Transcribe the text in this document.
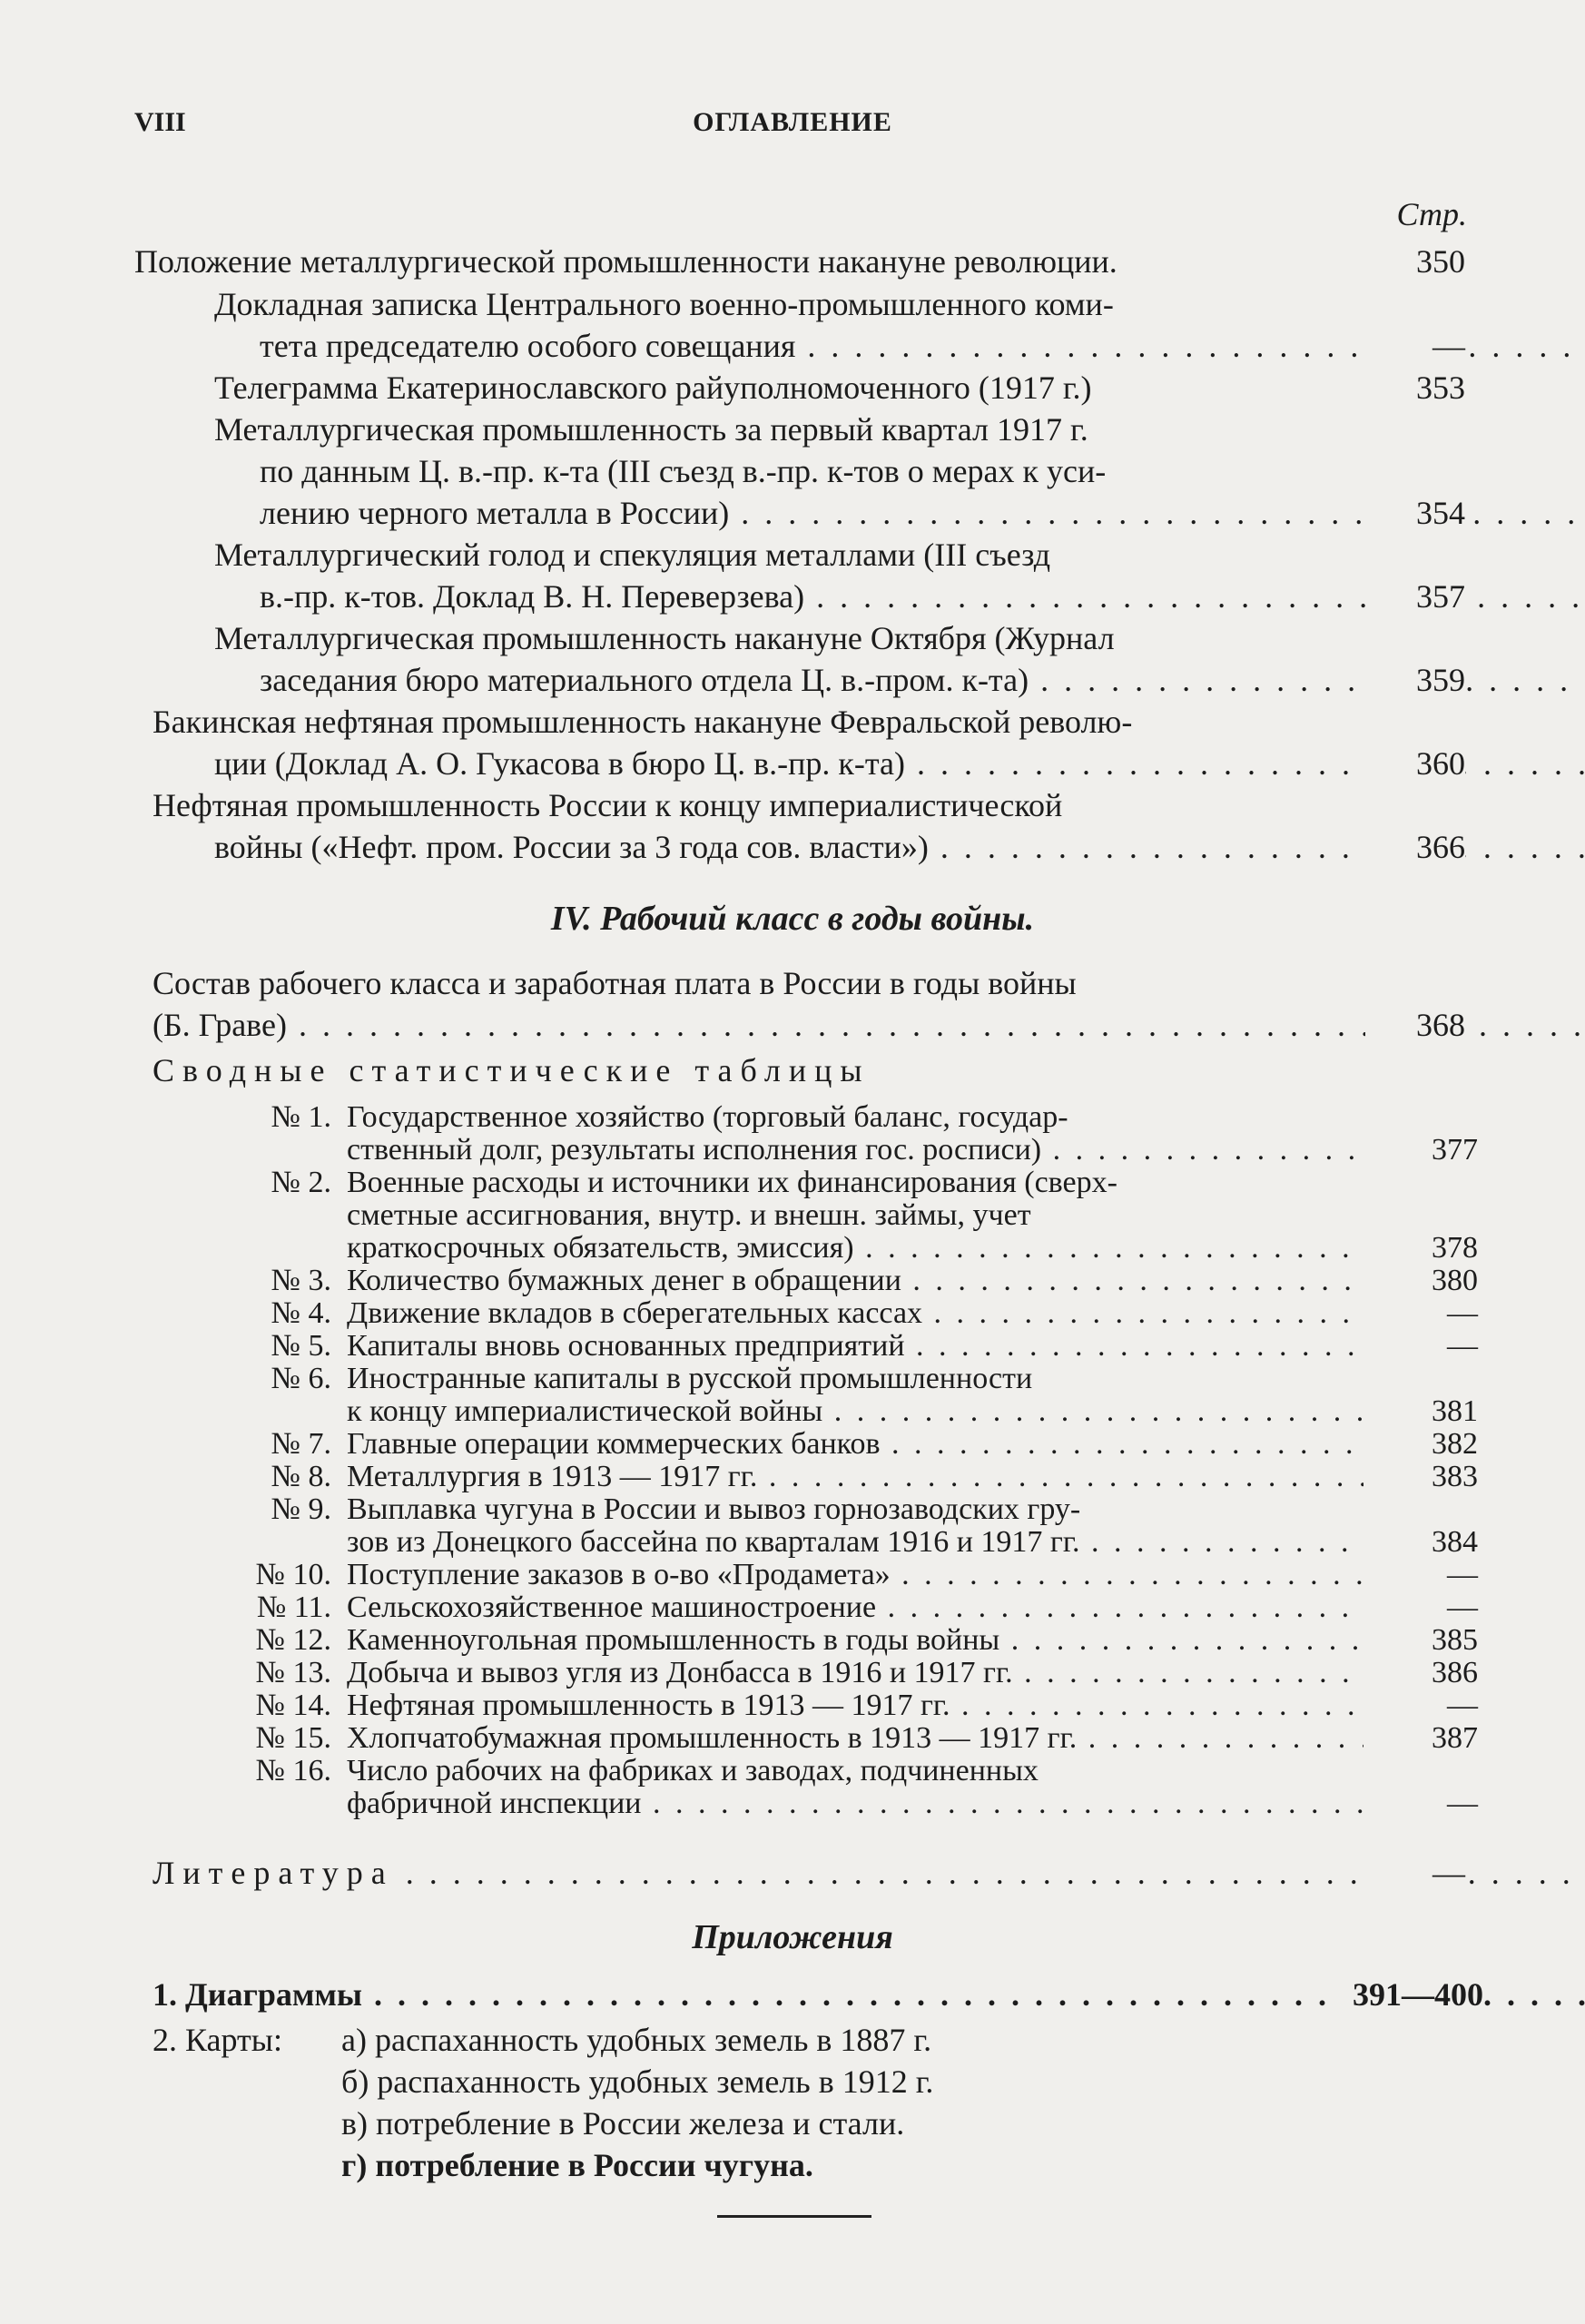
VIII	ОГЛАВЛЕНИЕ
Стр.
Положение металлургической промышленности накануне революции.	350
Докладная записка Центрального военно-промышленного коми-
тета председателю особого совещания . . .	—
Телеграмма Екатеринославского райуполномоченного (1917 г.)	353
Металлургическая промышленность за первый квартал 1917 г.
по данным Ц. в.-пр. к-та (III съезд в.-пр. к-тов о мерах к уси-
лению черного металла в России) . . .	354
Металлургический голод и спекуляция металлами (III съезд
в.-пр. к-тов. Доклад В. Н. Переверзева) . . .	357
Металлургическая промышленность накануне Октября (Журнал
заседания бюро материального отдела Ц. в.-пром. к-та) . . .	359
Бакинская нефтяная промышленность накануне Февральской револю-
ции (Доклад А. О. Гукасова в бюро Ц. в.-пр. к-та) . . .	360
Нефтяная промышленность России к концу империалистической
войны («Нефт. пром. России за 3 года сов. власти») . . .	366
IV. Рабочий класс в годы войны.
Состав рабочего класса и заработная плата в России в годы войны
(Б. Граве) . . .	368
Сводные статистические таблицы
№ 1. Государственное хозяйство (торговый баланс, государ-
ственный долг, результаты исполнения гос. росписи) . . .	377
№ 2. Военные расходы и источники их финансирования (сверх-
сметные ассигнования, внутр. и внешн. займы, учет
краткосрочных обязательств, эмиссия) . . .	378
№ 3. Количество бумажных денег в обращении . . .	380
№ 4. Движение вкладов в сберегательных кассах . . .	—
№ 5. Капиталы вновь основанных предприятий . . .	—
№ 6. Иностранные капиталы в русской промышленности
к концу империалистической войны . . .	381
№ 7. Главные операции коммерческих банков . . .	382
№ 8. Металлургия в 1913 — 1917 гг. . . .	383
№ 9. Выплавка чугуна в России и вывоз горнозаводских гру-
зов из Донецкого бассейна по кварталам 1916 и 1917 гг. . . .	384
№ 10. Поступление заказов в о-во «Продамета» . . .	—
№ 11. Сельскохозяйственное машиностроение . . .	—
№ 12. Каменноугольная промышленность в годы войны . . .	385
№ 13. Добыча и вывоз угля из Донбасса в 1916 и 1917 гг. . . .	386
№ 14. Нефтяная промышленность в 1913 — 1917 гг. . . .	—
№ 15. Хлопчатобумажная промышленность в 1913 — 1917 гг. . . .	387
№ 16. Число рабочих на фабриках и заводах, подчиненных
фабричной инспекции . . .	—
Литература . . .	—
Приложения
1. Диаграммы . . .	391—400
2. Карты: а) распаханность удобных земель в 1887 г.
б) распаханность удобных земель в 1912 г.
в) потребление в России железа и стали.
г) потребление в России чугуна.
